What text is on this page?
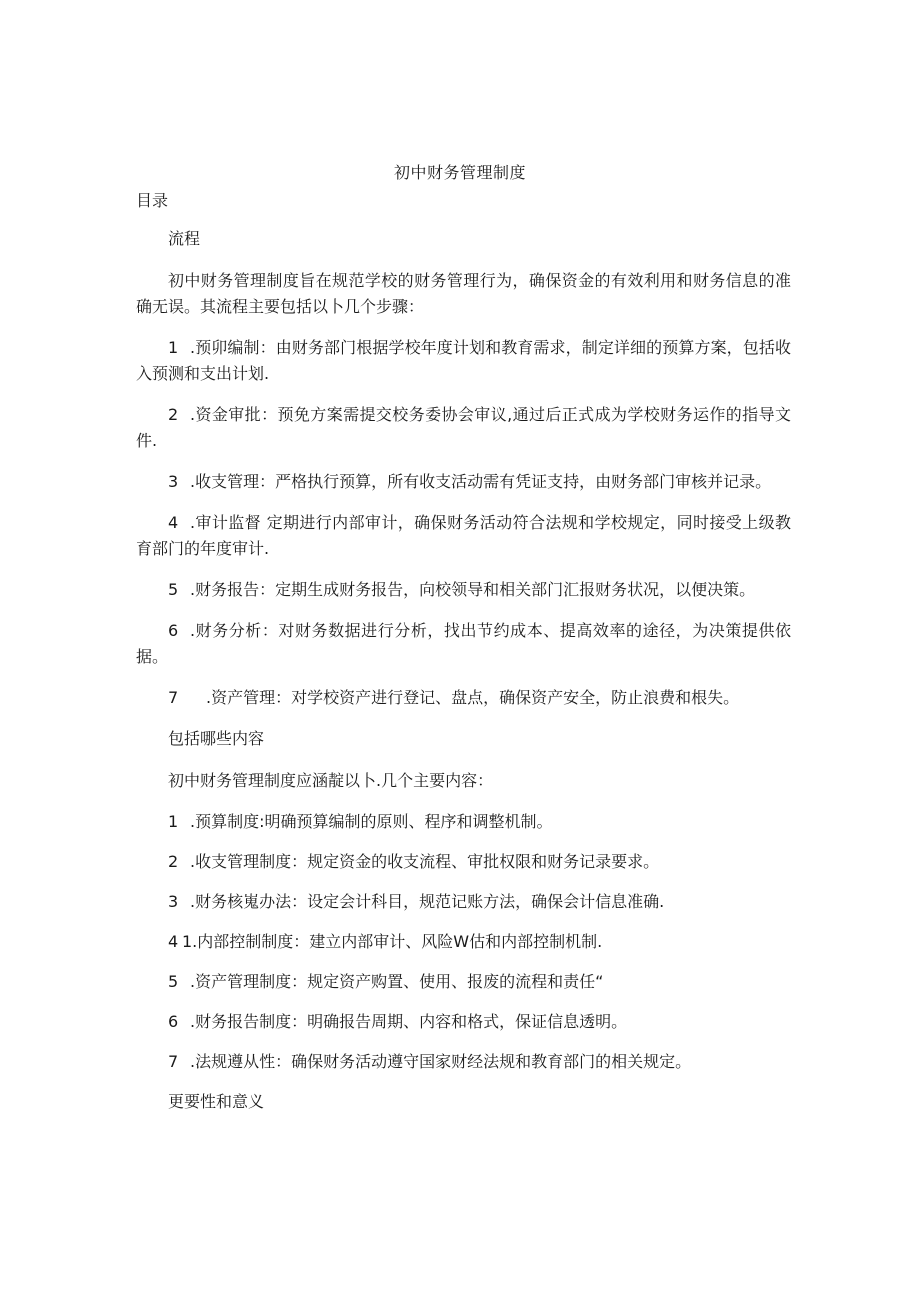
初中财务管理制度
目录

流程

初中财务管理制度旨在规范学校的财务管理行为，确保资金的有效利用和财务信息的准确无误。其流程主要包括以卜几个步骤：

1 .预卯编制：由财务部门根据学校年度计划和教育需求，制定详细的预算方案，包括收入预测和支出计划.

2 .资金审批：预免方案需提交校务委协会审议,通过后正式成为学校财务运作的指导文件.

3 .收支管理：严格执行预算，所有收支活动需有凭证支持，由财务部门审核并记录。

4 .审计监督 定期进行内部审计，确保财务活动符合法规和学校规定，同时接受上级教育部门的年度审计.

5 .财务报告：定期生成财务报告，向校领导和相关部门汇报财务状况，以便决策。

6 .财务分析：对财务数据进行分析，找出节约成本、提高效率的途径，为决策提供依据。

7 .资产管理：对学校资产进行登记、盘点，确保资产安全，防止浪费和根失。

包括哪些内容

初中财务管理制度应涵靛以卜.几个主要内容：

1 .预算制度:明确预算编制的原则、程序和调整机制。

2 .收支管理制度：规定资金的收支流程、审批权限和财务记录要求。

3 .财务核嵬办法：设定会计科目，规范记账方法，确保会计信息准确.

4 1.内部控制制度：建立内部审计、风险W估和内部控制机制.

5 .资产管理制度：规定资产购置、使用、报废的流程和责任“

6 .财务报告制度：明确报告周期、内容和格式，保证信息透明。

7 .法规遵从性：确保财务活动遵守国家财经法规和教育部门的相关规定。

更要性和意义
